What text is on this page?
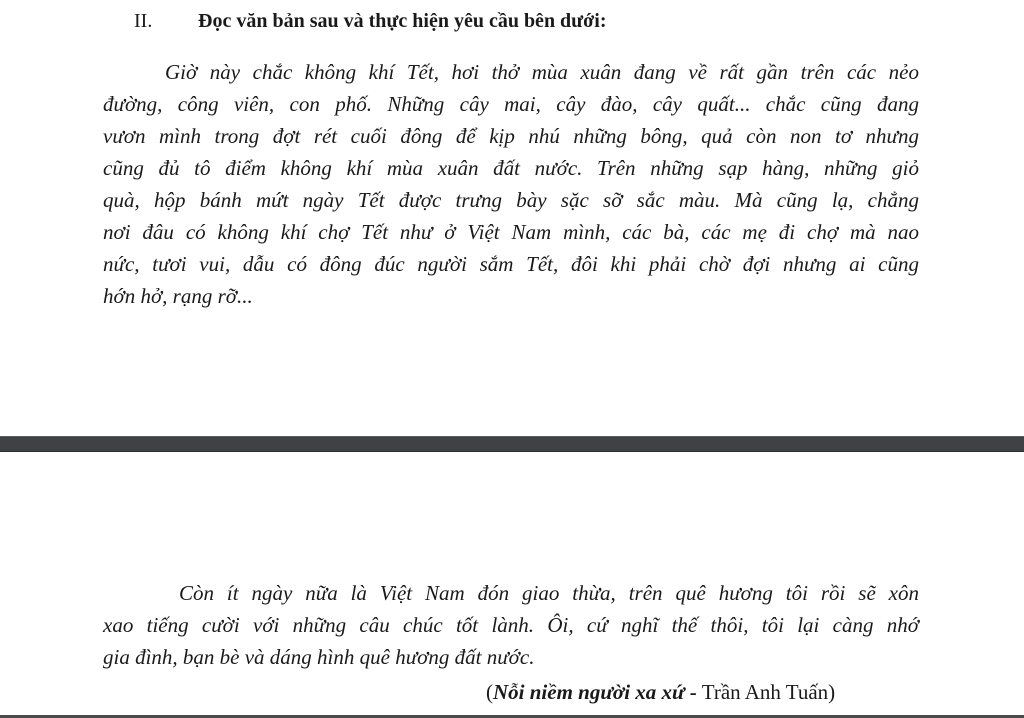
II. Đọc văn bản sau và thực hiện yêu cầu bên dưới:
Giờ này chắc không khí Tết, hơi thở mùa xuân đang về rất gần trên các nẻo
đường, công viên, con phố. Những cây mai, cây đào, cây quất... chắc cũng đang
vươn mình trong đợt rét cuối đông để kịp nhú những bông, quả còn non tơ nhưng
cũng đủ tô điểm không khí mùa xuân đất nước. Trên những sạp hàng, những giỏ
quà, hộp bánh mứt ngày Tết được trưng bày sặc sỡ sắc màu. Mà cũng lạ, chẳng
nơi đâu có không khí chợ Tết như ở Việt Nam mình, các bà, các mẹ đi chợ mà nao
nức, tươi vui, dẫu có đông đúc người sắm Tết, đôi khi phải chờ đợi nhưng ai cũng
hớn hở, rạng rỡ...
Còn ít ngày nữa là Việt Nam đón giao thừa, trên quê hương tôi rồi sẽ xôn
xao tiếng cười với những câu chúc tốt lành. Ôi, cứ nghĩ thế thôi, tôi lại càng nhớ
gia đình, bạn bè và dáng hình quê hương đất nước.
(Nỗi niềm người xa xứ - Trần Anh Tuấn)
